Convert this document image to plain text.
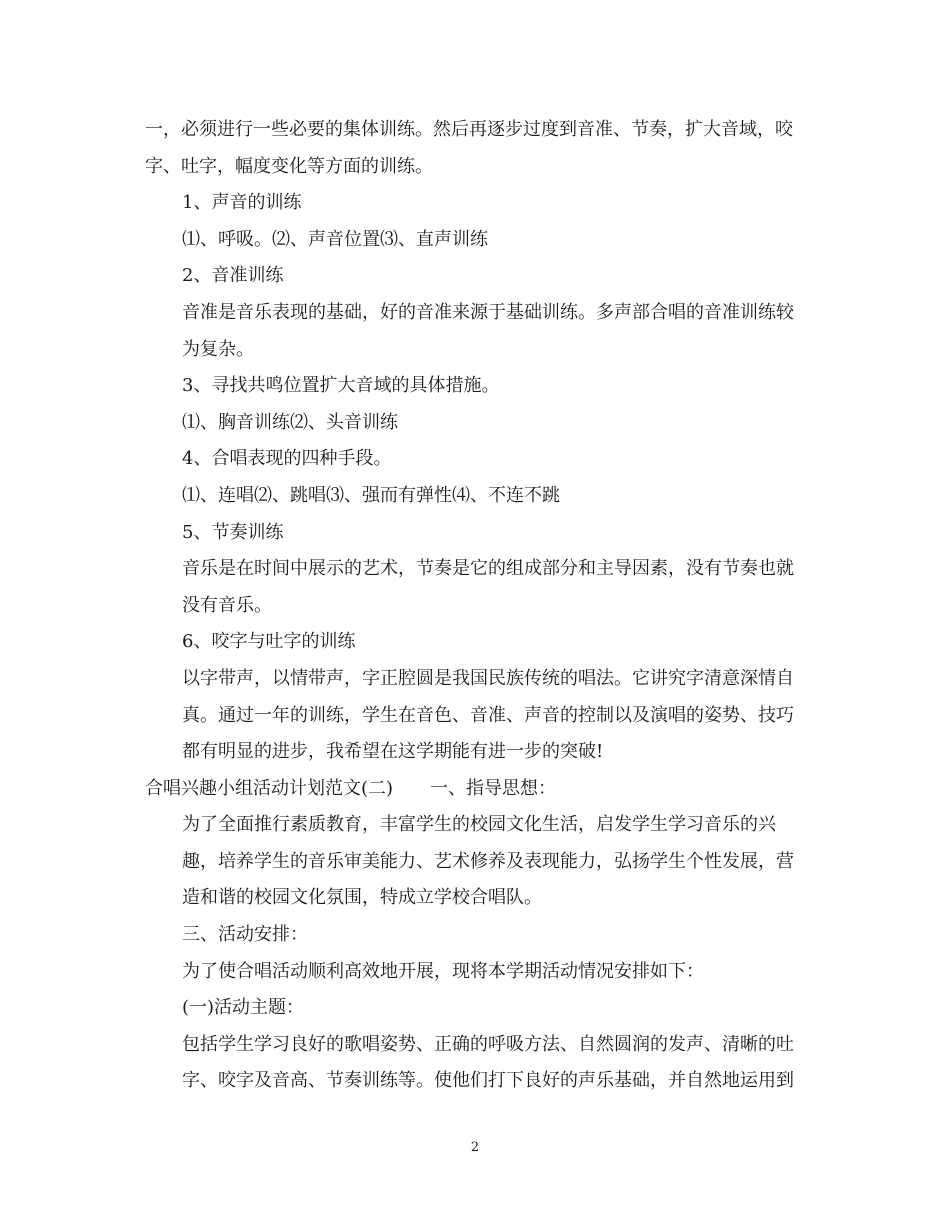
一，必须进行一些必要的集体训练。然后再逐步过度到音准、节奏，扩大音域，咬字、吐字，幅度变化等方面的训练。

1、声音的训练

⑴、呼吸。⑵、声音位置⑶、直声训练

2、音准训练

音准是音乐表现的基础，好的音准来源于基础训练。多声部合唱的音准训练较为复杂。

3、寻找共鸣位置扩大音域的具体措施。

⑴、胸音训练⑵、头音训练

4、合唱表现的四种手段。

⑴、连唱⑵、跳唱⑶、强而有弹性⑷、不连不跳

5、节奏训练

音乐是在时间中展示的艺术，节奏是它的组成部分和主导因素，没有节奏也就没有音乐。

6、咬字与吐字的训练

以字带声，以情带声，字正腔圆是我国民族传统的唱法。它讲究字清意深情自真。通过一年的训练，学生在音色、音准、声音的控制以及演唱的姿势、技巧都有明显的进步，我希望在这学期能有进一步的突破!

合唱兴趣小组活动计划范文(二) 一、指导思想：

为了全面推行素质教育，丰富学生的校园文化生活，启发学生学习音乐的兴趣，培养学生的音乐审美能力、艺术修养及表现能力，弘扬学生个性发展，营造和谐的校园文化氛围，特成立学校合唱队。

三、活动安排：

为了使合唱活动顺利高效地开展，现将本学期活动情况安排如下：

(一)活动主题：

包括学生学习良好的歌唱姿势、正确的呼吸方法、自然圆润的发声、清晰的吐字、咬字及音高、节奏训练等。使他们打下良好的声乐基础，并自然地运用到

2
